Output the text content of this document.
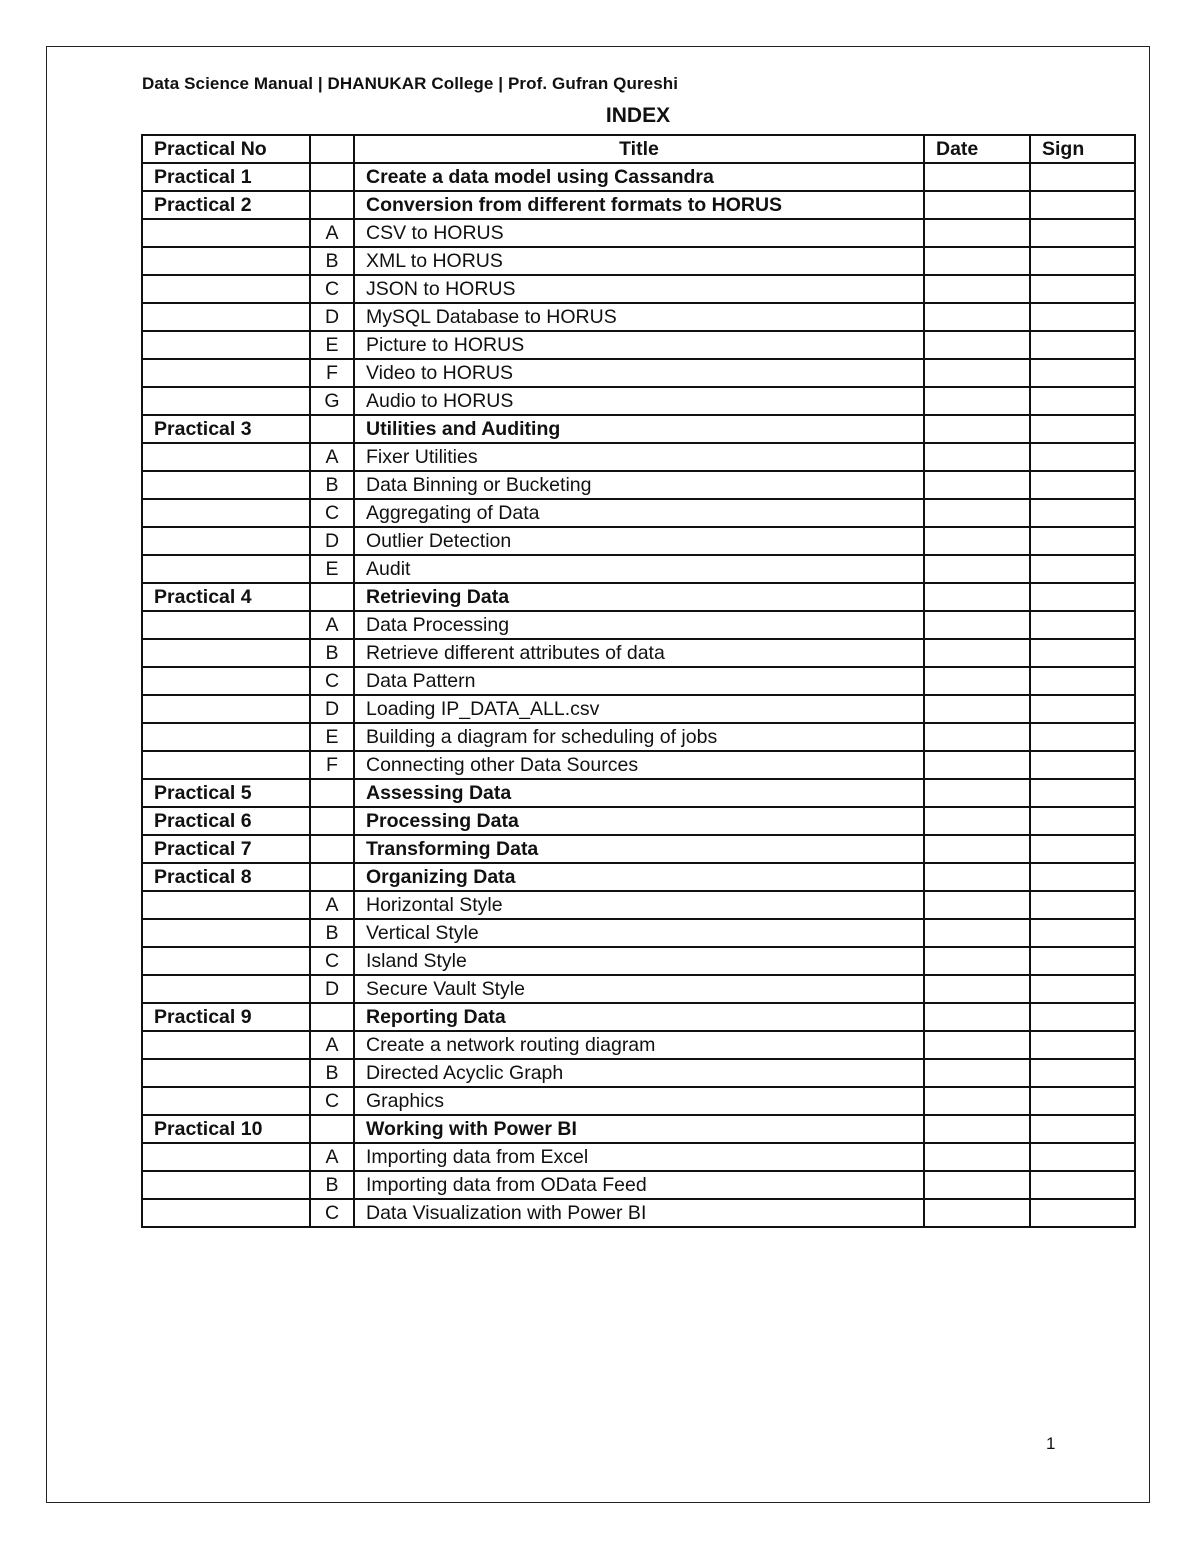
Data Science Manual | DHANUKAR College | Prof. Gufran Qureshi
INDEX
Practical No		Title	Date	Sign
Practical 1		Create a data model using Cassandra		
Practical 2		Conversion from different formats to HORUS		
	A	CSV to HORUS		
	B	XML to HORUS		
	C	JSON to HORUS		
	D	MySQL Database to HORUS		
	E	Picture to HORUS		
	F	Video to HORUS		
	G	Audio to HORUS		
Practical 3		Utilities and Auditing		
	A	Fixer Utilities		
	B	Data Binning or Bucketing		
	C	Aggregating of Data		
	D	Outlier Detection		
	E	Audit		
Practical 4		Retrieving Data		
	A	Data Processing		
	B	Retrieve different attributes of data		
	C	Data Pattern		
	D	Loading IP_DATA_ALL.csv		
	E	Building a diagram for scheduling of jobs		
	F	Connecting other Data Sources		
Practical 5		Assessing Data		
Practical 6		Processing Data		
Practical 7		Transforming Data		
Practical 8		Organizing Data		
	A	Horizontal Style		
	B	Vertical Style		
	C	Island Style		
	D	Secure Vault Style		
Practical 9		Reporting Data		
	A	Create a network routing diagram		
	B	Directed Acyclic Graph		
	C	Graphics		
Practical 10		Working with Power BI		
	A	Importing data from Excel		
	B	Importing data from OData Feed		
	C	Data Visualization with Power BI		
1
